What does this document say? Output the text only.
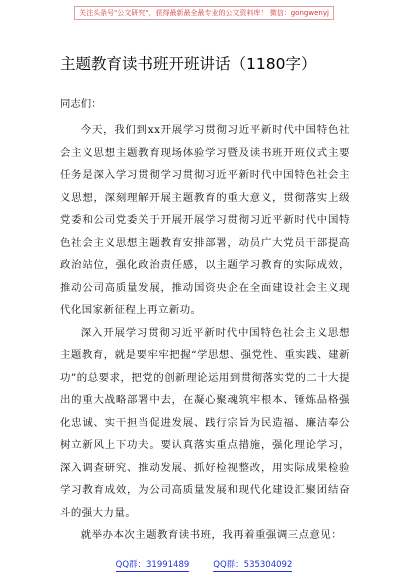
关注头条号"公文研究"，获得最新最全最专业的公文资料库！ 微信：gongwenyj
主题教育读书班开班讲话（1180字）

同志们：

今天，我们到xx开展学习贯彻习近平新时代中国特色社会主义思想主题教育现场体验学习暨及读书班开班仪式主要任务是深入学习贯彻学习贯彻习近平新时代中国特色社会主义思想，深刻理解开展主题教育的重大意义，贯彻落实上级党委和公司党委关于开展开展学习贯彻习近平新时代中国特色社会主义思想主题教育安排部署，动员广大党员干部提高政治站位，强化政治责任感，以主题学习教育的实际成效，推动公司高质量发展，推动国资央企在全面建设社会主义现代化国家新征程上再立新功。

深入开展学习贯彻习近平新时代中国特色社会主义思想主题教育，就是要牢牢把握“学思想、强党性、重实践、建新功”的总要求，把党的创新理论运用到贯彻落实党的二十大提出的重大战略部署中去，在凝心聚魂筑牢根本、锤炼品格强化忠诚、实干担当促进发展、践行宗旨为民造福、廉洁奉公树立新风上下功夫。要认真落实重点措施，强化理论学习，深入调查研究、推动发展、抓好检视整改，用实际成果检验学习教育成效，为公司高质量发展和现代化建设汇聚团结奋斗的强大力量。

就举办本次主题教育读书班，我再着重强调三点意见：

QQ群：31991489	QQ群：535304092
